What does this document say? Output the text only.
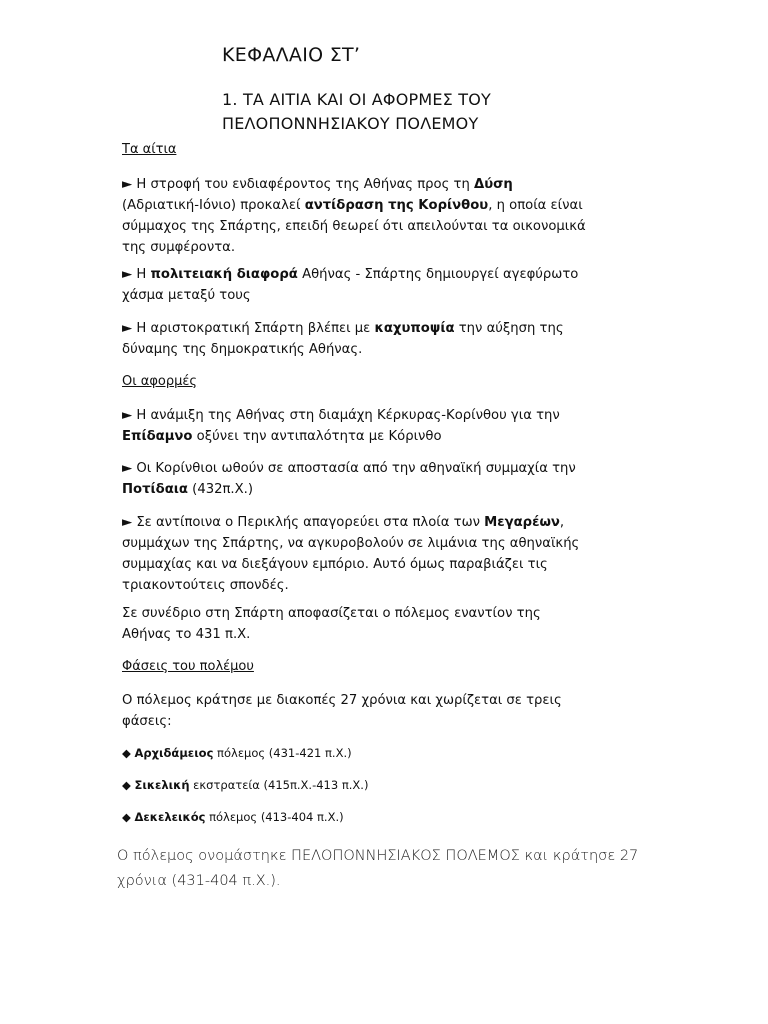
ΚΕΦΑΛΑΙΟ ΣΤ’
1. ΤΑ ΑΙΤΙΑ ΚΑΙ ΟΙ ΑΦΟΡΜΕΣ ΤΟΥ
ΠΕΛΟΠΟΝΝΗΣΙΑΚΟΥ ΠΟΛΕΜΟΥ
Τα αίτια
► Η στροφή του ενδιαφέροντος της Αθήνας προς τη Δύση (Αδριατική-Ιόνιο) προκαλεί αντίδραση της Κορίνθου, η οποία είναι σύμμαχος της Σπάρτης, επειδή θεωρεί ότι απειλούνται τα οικονομικά της συμφέροντα.
► Η πολιτειακή διαφορά Αθήνας - Σπάρτης δημιουργεί αγεφύρωτο χάσμα μεταξύ τους
► Η αριστοκρατική Σπάρτη βλέπει με καχυποψία την αύξηση της δύναμης της δημοκρατικής Αθήνας.
Οι αφορμές
► Η ανάμιξη της Αθήνας στη διαμάχη Κέρκυρας-Κορίνθου για την Επίδαμνο οξύνει την αντιπαλότητα με Κόρινθο
► Οι Κορίνθιοι ωθούν σε αποστασία από την αθηναϊκή συμμαχία την Ποτίδαια (432π.Χ.)
► Σε αντίποινα ο Περικλής απαγορεύει στα πλοία των Μεγαρέων, συμμάχων της Σπάρτης, να αγκυροβολούν σε λιμάνια της αθηναϊκής συμμαχίας και να διεξάγουν εμπόριο. Αυτό όμως παραβιάζει τις τριακοντούτεις σπονδές.
Σε συνέδριο στη Σπάρτη αποφασίζεται ο πόλεμος εναντίον της Αθήνας το 431 π.Χ.
Φάσεις του πολέμου
Ο πόλεμος κράτησε με διακοπές 27 χρόνια και χωρίζεται σε τρεις φάσεις:
◆ Αρχιδάμειος πόλεμος (431-421 π.Χ.)
◆ Σικελική εκστρατεία (415π.Χ.-413 π.Χ.)
◆ Δεκελεικός πόλεμος (413-404 π.Χ.)
Ο πόλεμος ονομάστηκε ΠΕΛΟΠΟΝΝΗΣΙΑΚΟΣ ΠΟΛΕΜΟΣ και κράτησε 27 χρόνια (431-404 π.Χ.).
